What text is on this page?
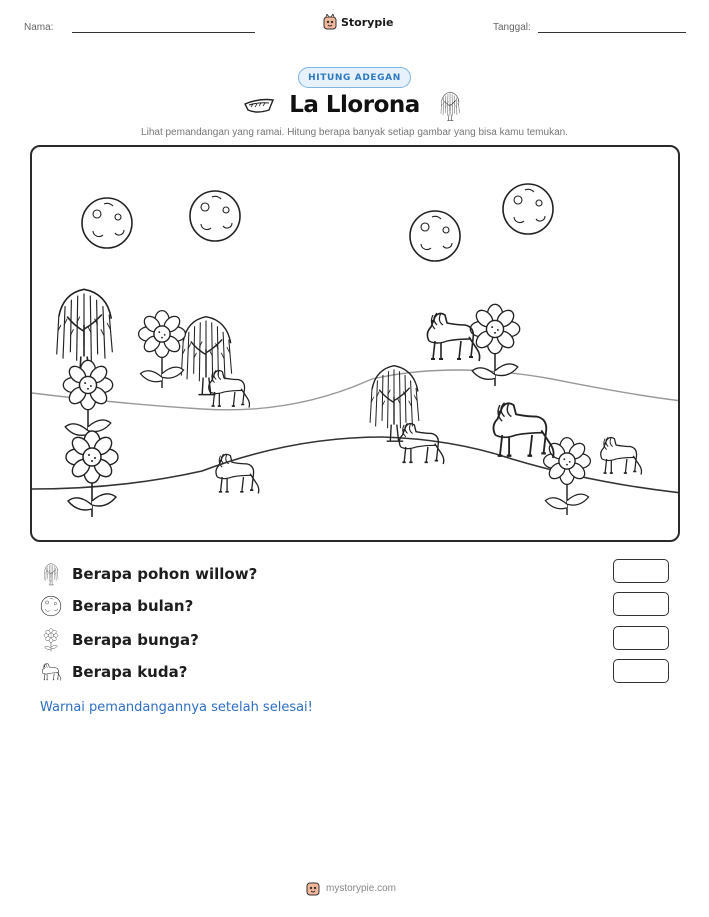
Nama:	Storypie	Tanggal:
HITUNG ADEGAN
La Llorona
Lihat pemandangan yang ramai. Hitung berapa banyak setiap gambar yang bisa kamu temukan.
Berapa pohon willow?
Berapa bulan?
Berapa bunga?
Berapa kuda?
Warnai pemandangannya setelah selesai!
mystorypie.com
